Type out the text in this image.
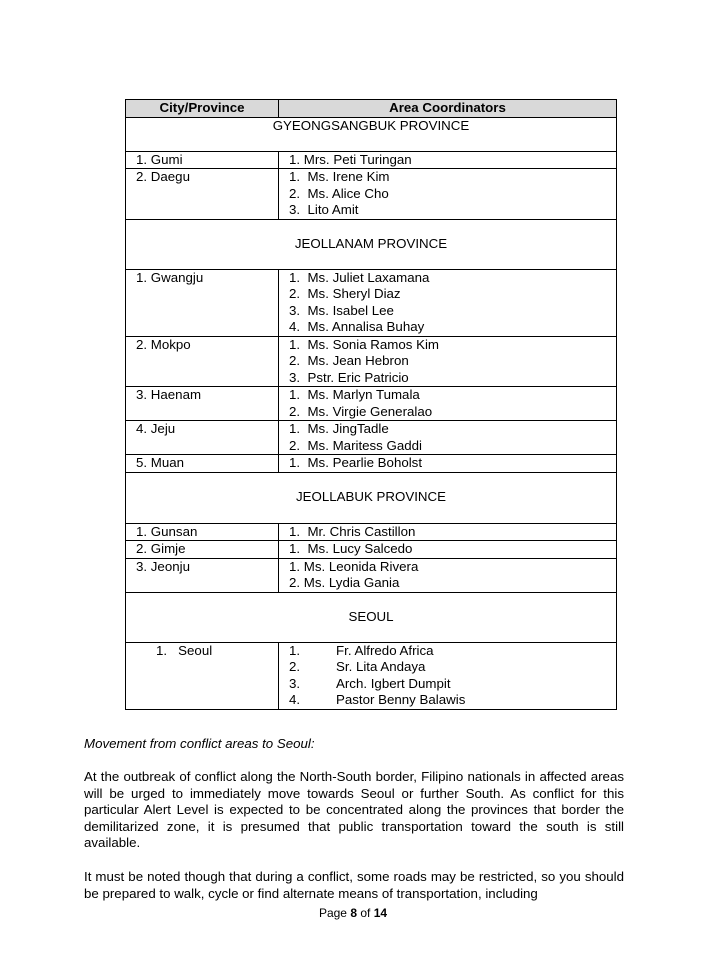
City/Province	Area Coordinators
GYEONGSANGBUK PROVINCE	
1. Gumi	1. Mrs. Peti Turingan

2. Daegu	1.  Ms. Irene Kim
2.  Ms. Alice Cho
3.  Lito Amit

JEOLLANAM PROVINCE	
1. Gwangju	1.  Ms. Juliet Laxamana
2.  Ms. Sheryl Diaz
3.  Ms. Isabel Lee
4.  Ms. Annalisa Buhay

2. Mokpo	1.  Ms. Sonia Ramos Kim
2.  Ms. Jean Hebron
3.  Pstr. Eric Patricio

3. Haenam	1.  Ms. Marlyn Tumala
2.  Ms. Virgie Generalao

4. Jeju	1.  Ms. JingTadle
2.  Ms. Maritess Gaddi

5. Muan	1.  Ms. Pearlie Boholst

JEOLLABUK PROVINCE	
1. Gunsan	1.  Mr. Chris Castillon

2. Gimje	1.  Ms. Lucy Salcedo

3. Jeonju	1. Ms. Leonida Rivera
2. Ms. Lydia Gania

SEOUL	
1.   Seoul	1. Fr. Alfredo Africa
2. Sr. Lita Andaya
3. Arch. Igbert Dumpit
4. Pastor Benny Balawis
Movement from conflict areas to Seoul:
At the outbreak of conflict along the North-South border, Filipino nationals in affected areas will be urged to immediately move towards Seoul or further South. As conflict for this particular Alert Level is expected to be concentrated along the provinces that border the demilitarized zone, it is presumed that public transportation toward the south is still available.
It must be noted though that during a conflict, some roads may be restricted, so you should be prepared to walk, cycle or find alternate means of transportation, including
Page 8 of 14
